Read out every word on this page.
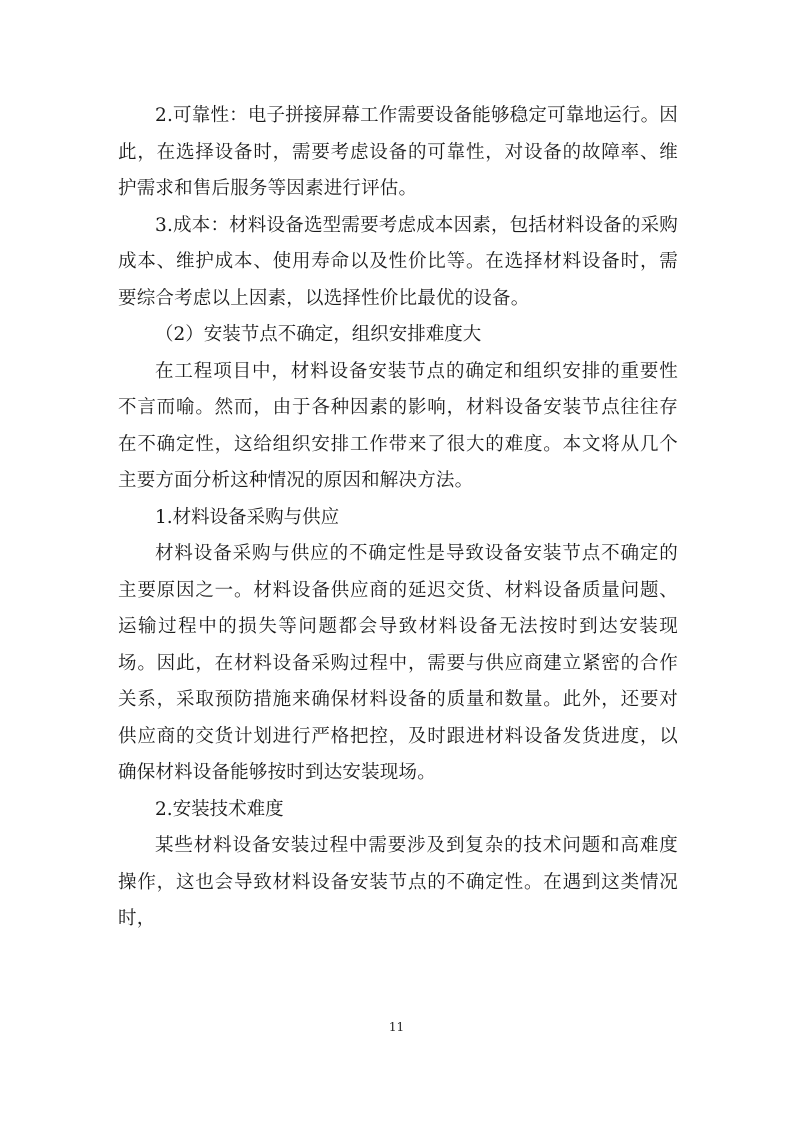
2.可靠性：电子拼接屏幕工作需要设备能够稳定可靠地运行。因此，在选择设备时，需要考虑设备的可靠性，对设备的故障率、维护需求和售后服务等因素进行评估。

3.成本：材料设备选型需要考虑成本因素，包括材料设备的采购成本、维护成本、使用寿命以及性价比等。在选择材料设备时，需要综合考虑以上因素，以选择性价比最优的设备。

（2）安装节点不确定，组织安排难度大

在工程项目中，材料设备安装节点的确定和组织安排的重要性不言而喻。然而，由于各种因素的影响，材料设备安装节点往往存在不确定性，这给组织安排工作带来了很大的难度。本文将从几个主要方面分析这种情况的原因和解决方法。

1.材料设备采购与供应

材料设备采购与供应的不确定性是导致设备安装节点不确定的主要原因之一。材料设备供应商的延迟交货、材料设备质量问题、运输过程中的损失等问题都会导致材料设备无法按时到达安装现场。因此，在材料设备采购过程中，需要与供应商建立紧密的合作关系，采取预防措施来确保材料设备的质量和数量。此外，还要对供应商的交货计划进行严格把控，及时跟进材料设备发货进度，以确保材料设备能够按时到达安装现场。

2.安装技术难度

某些材料设备安装过程中需要涉及到复杂的技术问题和高难度操作，这也会导致材料设备安装节点的不确定性。在遇到这类情况时，

11
